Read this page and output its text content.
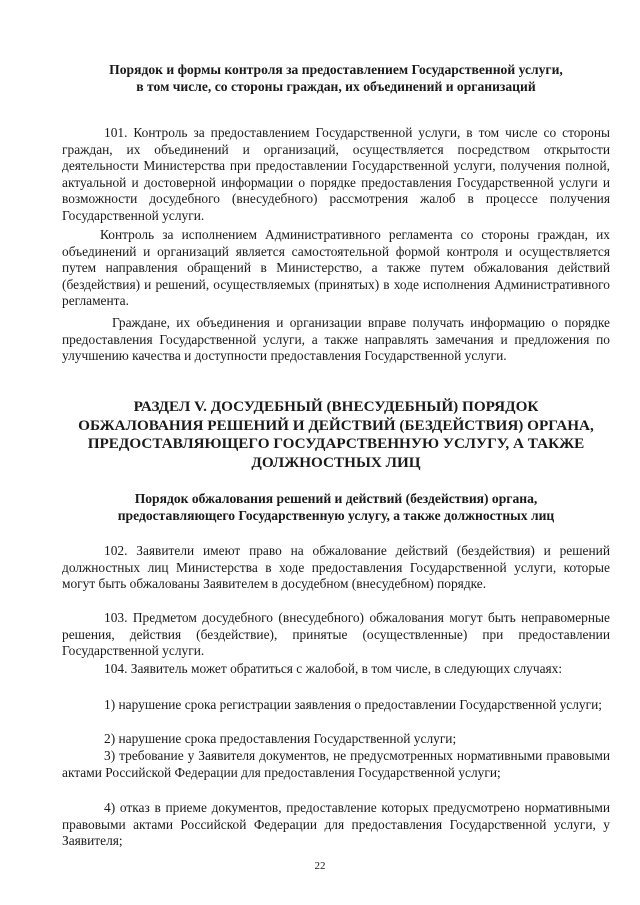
Порядок и формы контроля за предоставлением Государственной услуги,
в том числе, со стороны граждан, их объединений и организаций

101. Контроль за предоставлением Государственной услуги, в том числе со стороны граждан, их объединений и организаций, осуществляется посредством открытости деятельности Министерства при предоставлении Государственной услуги, получения полной, актуальной и достоверной информации о порядке предоставления Государственной услуги и возможности досудебного (внесудебного) рассмотрения жалоб в процессе получения Государственной услуги.

Контроль за исполнением Административного регламента со стороны граждан, их объединений и организаций является самостоятельной формой контроля и осуществляется путем направления обращений в Министерство, а также путем обжалования действий (бездействия) и решений, осуществляемых (принятых) в ходе исполнения Административного регламента.

Граждане, их объединения и организации вправе получать информацию о порядке предоставления Государственной услуги, а также направлять замечания и предложения по улучшению качества и доступности предоставления Государственной услуги.

РАЗДЕЛ V. ДОСУДЕБНЫЙ (ВНЕСУДЕБНЫЙ) ПОРЯДОК
ОБЖАЛОВАНИЯ РЕШЕНИЙ И ДЕЙСТВИЙ (БЕЗДЕЙСТВИЯ) ОРГАНА,
ПРЕДОСТАВЛЯЮЩЕГО ГОСУДАРСТВЕННУЮ УСЛУГУ, А ТАКЖЕ
ДОЛЖНОСТНЫХ ЛИЦ
Порядок обжалования решений и действий (бездействия) органа,
предоставляющего Государственную услугу, а также должностных лиц

102. Заявители имеют право на обжалование действий (бездействия) и решений должностных лиц Министерства в ходе предоставления Государственной услуги, которые могут быть обжалованы Заявителем в досудебном (внесудебном) порядке.

103. Предметом досудебного (внесудебного) обжалования могут быть неправомерные решения, действия (бездействие), принятые (осуществленные) при предоставлении Государственной услуги.

104. Заявитель может обратиться с жалобой, в том числе, в следующих случаях:

1) нарушение срока регистрации заявления о предоставлении Государственной услуги;

2) нарушение срока предоставления Государственной услуги;

3) требование у Заявителя документов, не предусмотренных нормативными правовыми актами Российской Федерации для предоставления Государственной услуги;

4) отказ в приеме документов, предоставление которых предусмотрено нормативными правовыми актами Российской Федерации для предоставления Государственной услуги, у Заявителя;

22
